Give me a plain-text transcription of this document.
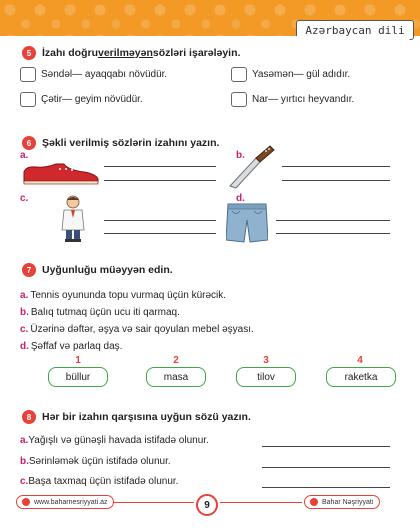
Azərbaycan dili
5	İzahı doğru verilməyən sözləri işarələyin.
Səndəl— ayaqqabı növüdür.	Yasəmən— gül adıdır.
Çətir— geyim növüdür.	Nar— yırtıcı heyvandır.
6	Şəkli verilmiş sözlərin izahını yazın.
a.	b.
c.	d.
7	Uyğunluğu müəyyən edin.
a. Tennis oyununda topu vurmaq üçün kürəcik.
b. Balıq tutmaq üçün ucu iti qarmaq.
c. Üzərinə dəftər, əşya və sair qoyulan mebel əşyası.
d. Şəffaf və parlaq daş.
1	2	3	4
büllur	masa	tilov	raketka
8	Hər bir izahın qarşısına uyğun sözü yazın.
a.Yağışlı və günəşli havada istifadə olunur.
b.Sərinləmək üçün istifadə olunur.
c.Başa taxmaq üçün istifadə olunur.
www.baharnesriyyati.az	9	Bahar Nəşriyyatı
